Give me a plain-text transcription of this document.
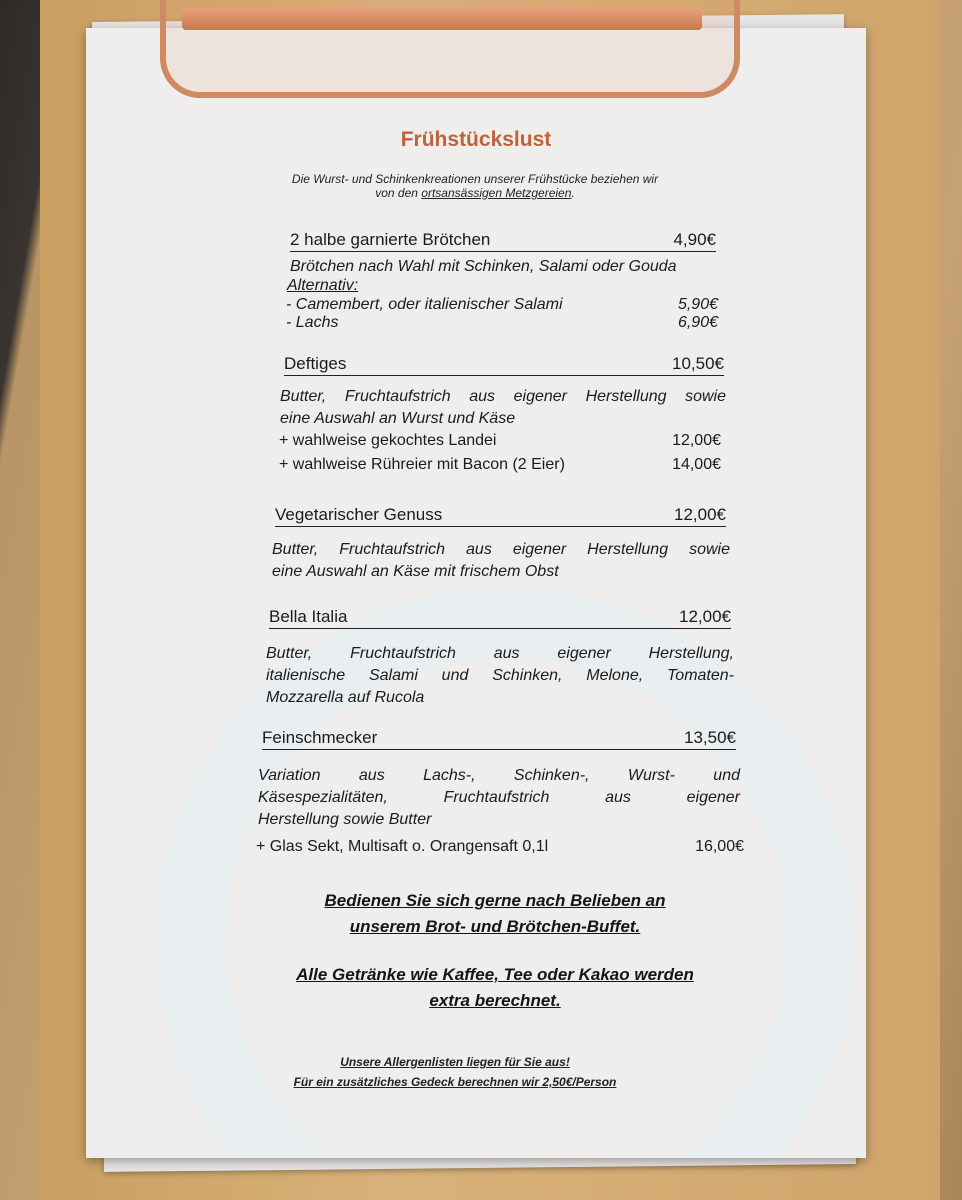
Frühstückslust
Die Wurst- und Schinkenkreationen unserer Frühstücke beziehen wir
von den ortsansässigen Metzgereien.
2 halbe garnierte Brötchen	4,90€
Brötchen nach Wahl mit Schinken, Salami oder Gouda
Alternativ:
- Camembert, oder italienischer Salami	5,90€
- Lachs	6,90€
Deftiges	10,50€
Butter, Fruchtaufstrich aus eigener Herstellung sowie
eine Auswahl an Wurst und Käse
+ wahlweise gekochtes Landei	12,00€
+ wahlweise Rühreier mit Bacon (2 Eier)	14,00€
Vegetarischer Genuss	12,00€
Butter, Fruchtaufstrich aus eigener Herstellung sowie
eine Auswahl an Käse mit frischem Obst
Bella Italia	12,00€
Butter, Fruchtaufstrich aus eigener Herstellung,
italienische Salami und Schinken, Melone, Tomaten-
Mozzarella auf Rucola
Feinschmecker	13,50€
Variation aus Lachs-, Schinken-, Wurst- und
Käsespezialitäten, Fruchtaufstrich aus eigener
Herstellung sowie Butter
+ Glas Sekt, Multisaft o. Orangensaft 0,1l	16,00€
Bedienen Sie sich gerne nach Belieben an
unserem Brot- und Brötchen-Buffet.
Alle Getränke wie Kaffee, Tee oder Kakao werden
extra berechnet.
Unsere Allergenlisten liegen für Sie aus!
Für ein zusätzliches Gedeck berechnen wir 2,50€/Person
